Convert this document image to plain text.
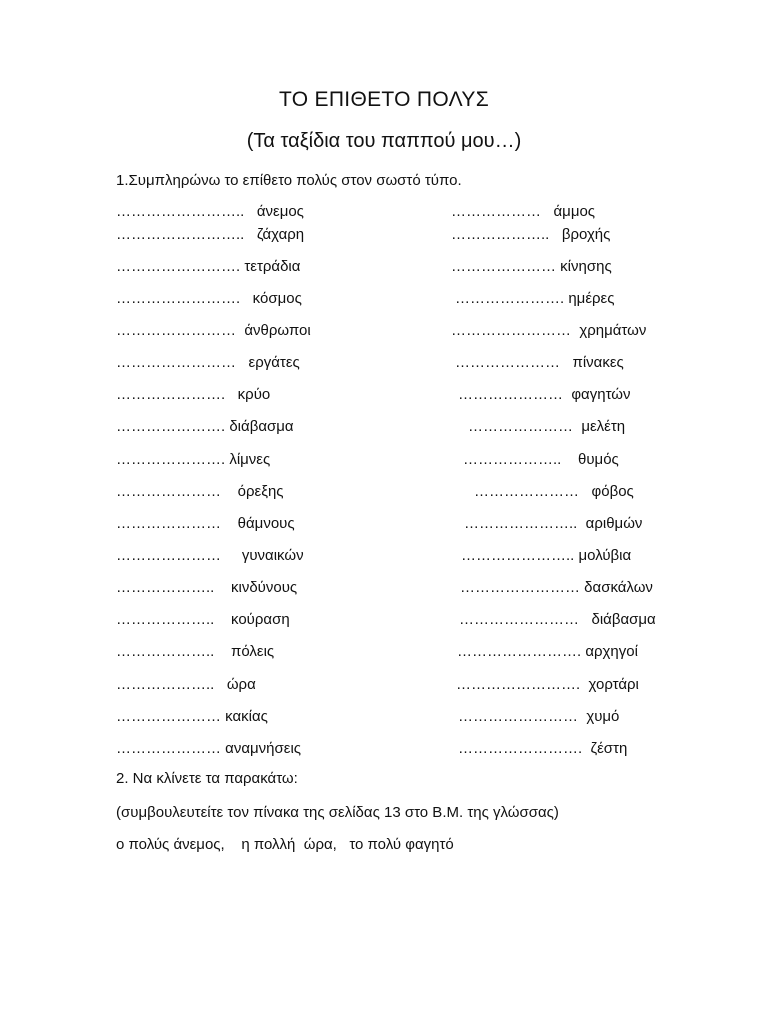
ΤΟ ΕΠΙΘΕΤΟ ΠΟΛΥΣ
(Τα ταξίδια του παππού μου…)
1.Συμπληρώνω το επίθετο πολύς στον σωστό τύπο.
……………………..   άνεμος	………………   άμμος
……………………..   ζάχαρη	………………..   βροχής
……………………. τετράδια	………………… κίνησης
…………………….   κόσμος	…………………. ημέρες
……………………  άνθρωποι	……………………  χρημάτων
……………………   εργάτες	…………………   πίνακες
………………….   κρύο	…………………  φαγητών
…………………. διάβασμα	…………………  μελέτη
…………………. λίμνες	………………..    θυμός
…………………    όρεξης	…………………   φόβος
…………………    θάμνους	…………………..  αριθμών
…………………     γυναικών	………………….. μολύβια
………………..    κινδύνους	…………………… δασκάλων
………………..    κούραση	……………………   διάβασμα
………………..    πόλεις	……………………. αρχηγοί
………………..   ώρα	…………………….  χορτάρι
………………… κακίας	……………………  χυμό
………………… αναμνήσεις	…………………….  ζέστη
2. Να κλίνετε τα παρακάτω:
(συμβουλευτείτε τον πίνακα της σελίδας 13 στο Β.Μ. της γλώσσας)
ο πολύς άνεμος,    η πολλή  ώρα,   το πολύ φαγητό
